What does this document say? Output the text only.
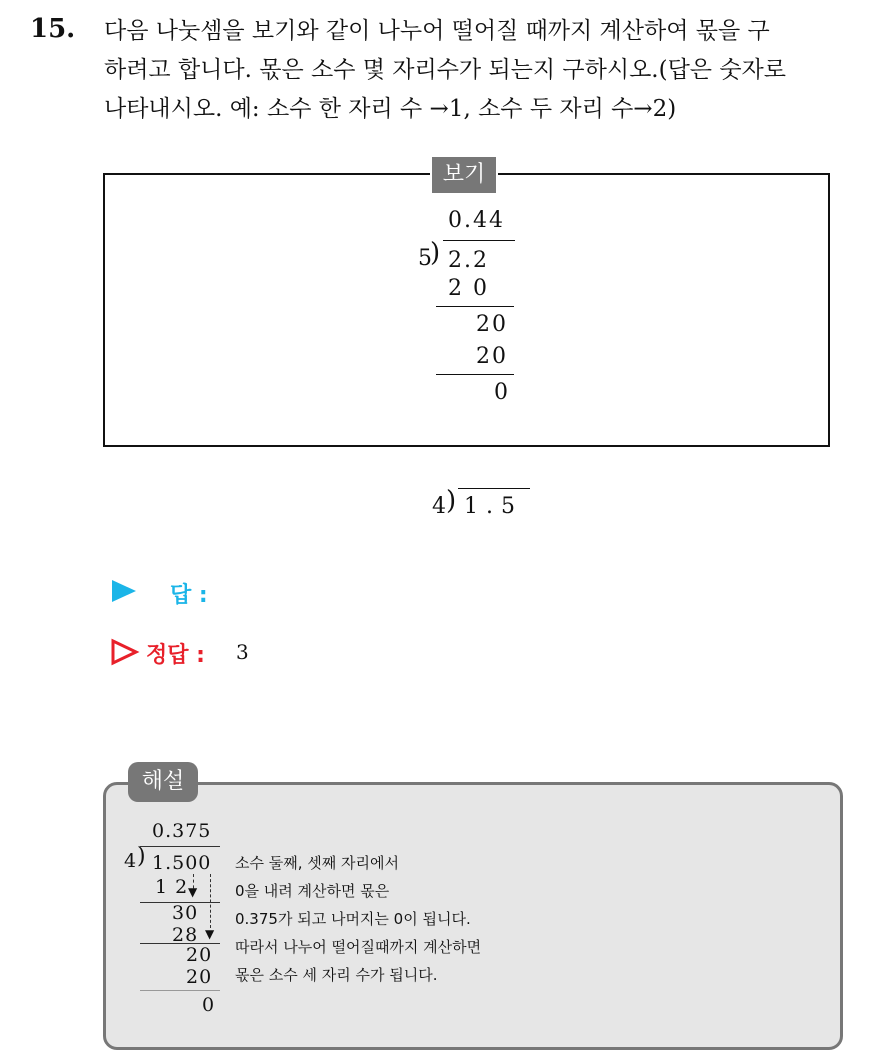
15. 다음 나눗셈을 보기와 같이 나누어 떨어질 때까지 계산하여 몫을 구
하려고 합니다. 몫은 소수 몇 자리수가 되는지 구하시오.(답은 숫자로
나타내시오. 예: 소수 한 자리 수 →1, 소수 두 자리 수→2)
보기
0.44
5
) 2.2
2 0
20
20
0
4
) 1.5
답 :
정답 : 3
해설
0.375
4 ) 1.500
▼
▼
1 2
30
28
20
20
0
소수 둘째, 셋째 자리에서
0을 내려 계산하면 몫은
0.375가 되고 나머지는 0이 됩니다.
따라서 나누어 떨어질때까지 계산하면
몫은 소수 세 자리 수가 됩니다.
